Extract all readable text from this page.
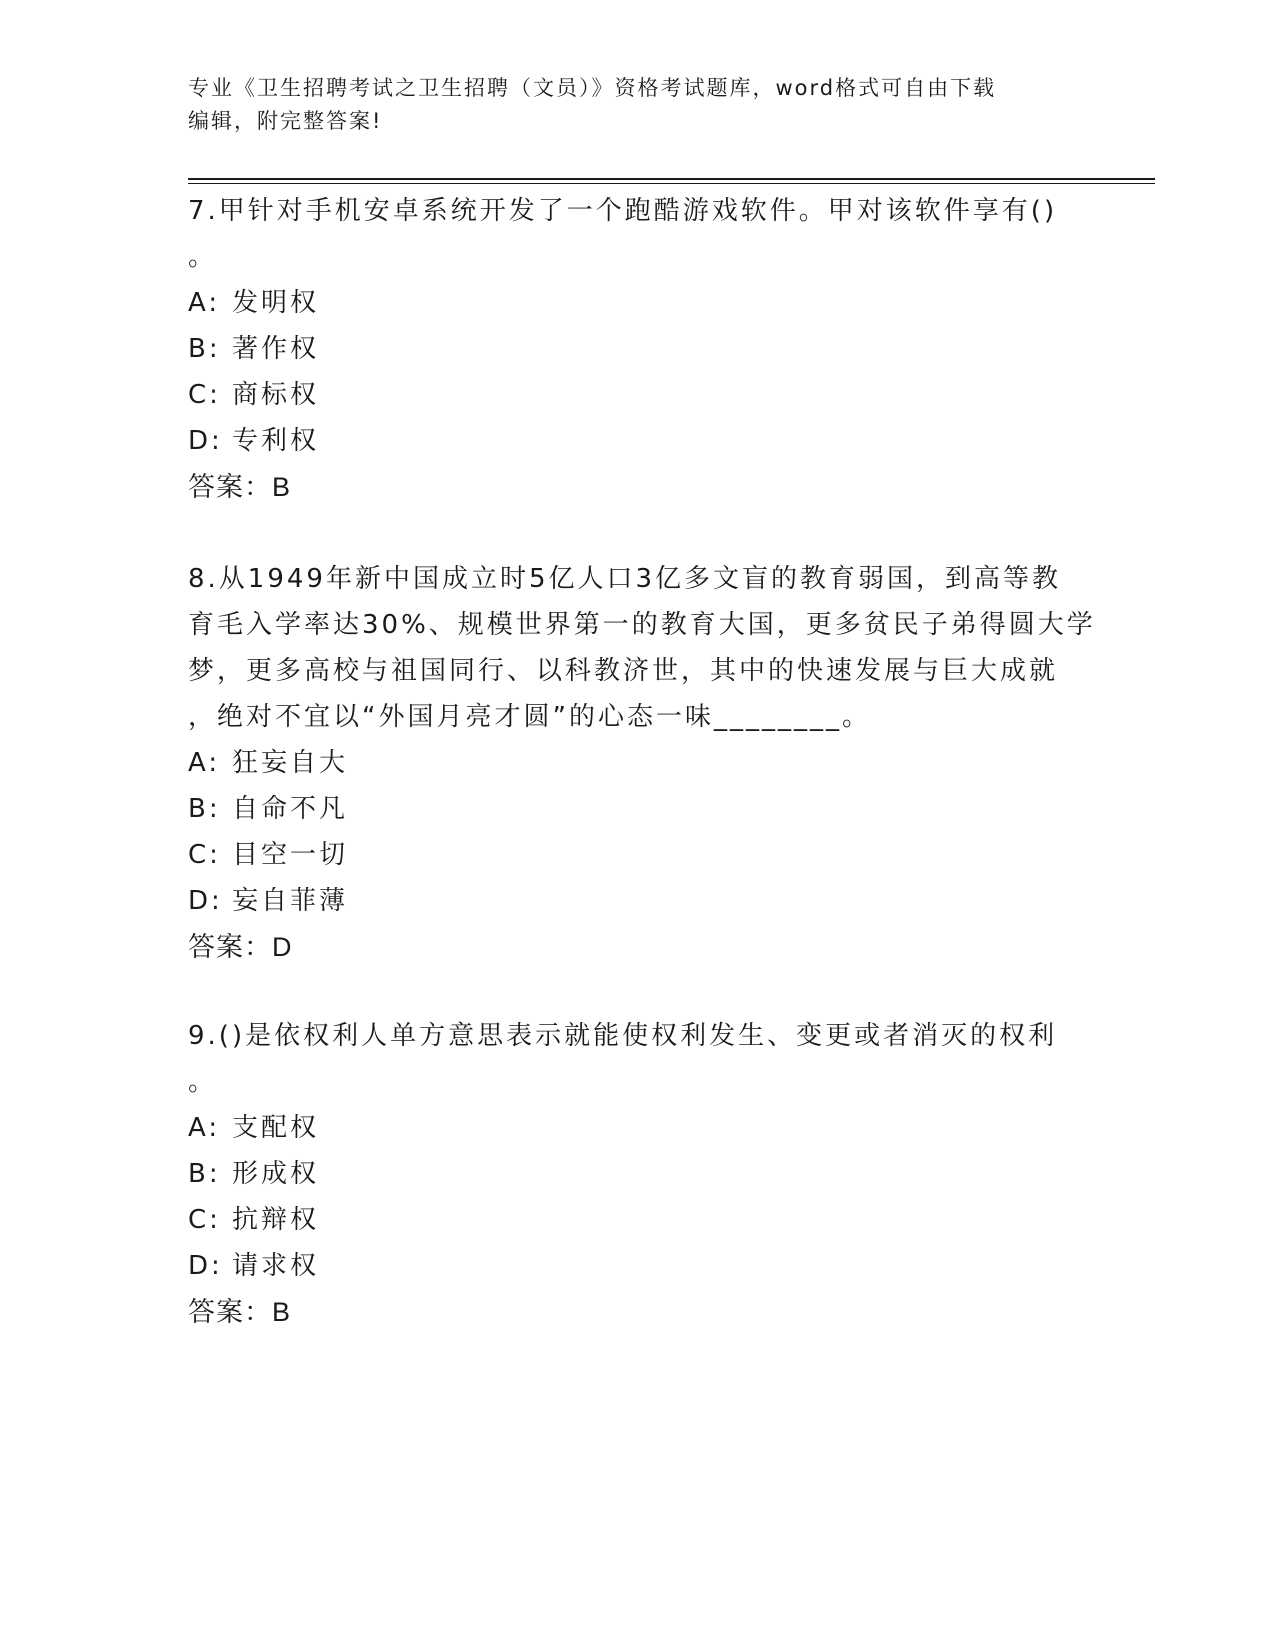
专业《卫生招聘考试之卫生招聘（文员）》资格考试题库，word格式可自由下载
编辑，附完整答案!
7.甲针对手机安卓系统开发了一个跑酷游戏软件。甲对该软件享有()
。
A: 发明权
B: 著作权
C: 商标权
D: 专利权
答案：B
8.从1949年新中国成立时5亿人口3亿多文盲的教育弱国，到高等教
育毛入学率达30%、规模世界第一的教育大国，更多贫民子弟得圆大学
梦，更多高校与祖国同行、以科教济世，其中的快速发展与巨大成就
，绝对不宜以“外国月亮才圆”的心态一味________。
A: 狂妄自大
B: 自命不凡
C: 目空一切
D: 妄自菲薄
答案：D
9.()是依权利人单方意思表示就能使权利发生、变更或者消灭的权利
。
A: 支配权
B: 形成权
C: 抗辩权
D: 请求权
答案：B
